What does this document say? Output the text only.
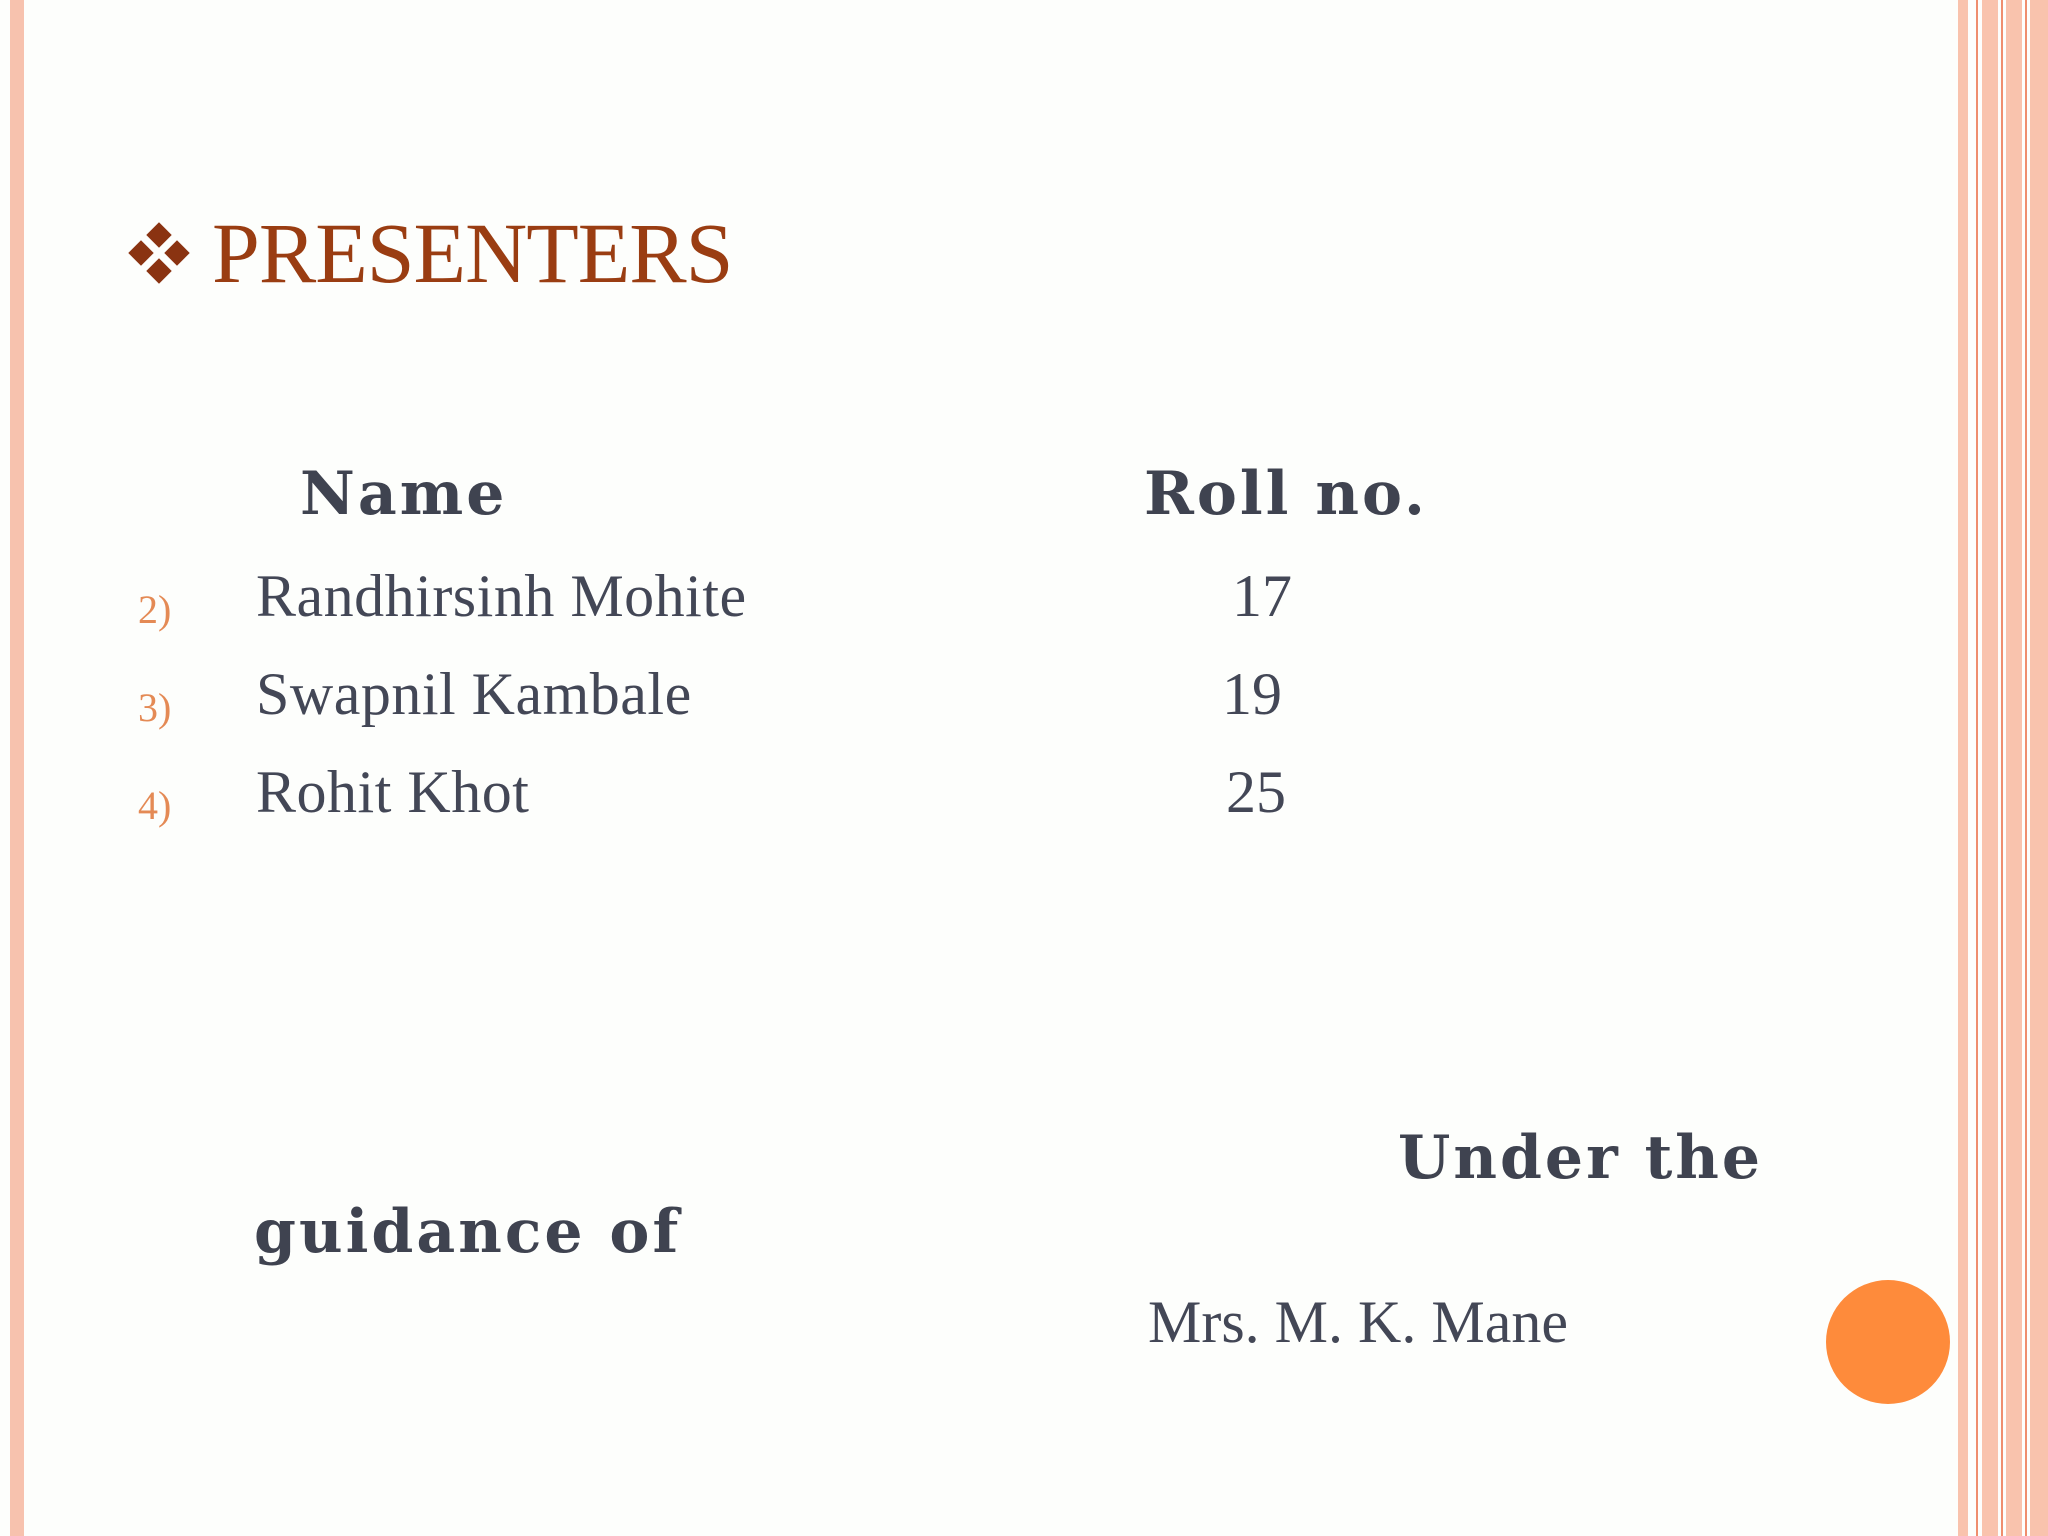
PRESENTERS
Name	Roll no.
2) Randhirsinh Mohite	17
3) Swapnil Kambale	19
4) Rohit Khot	25
Under the
guidance of
Mrs. M. K. Mane
